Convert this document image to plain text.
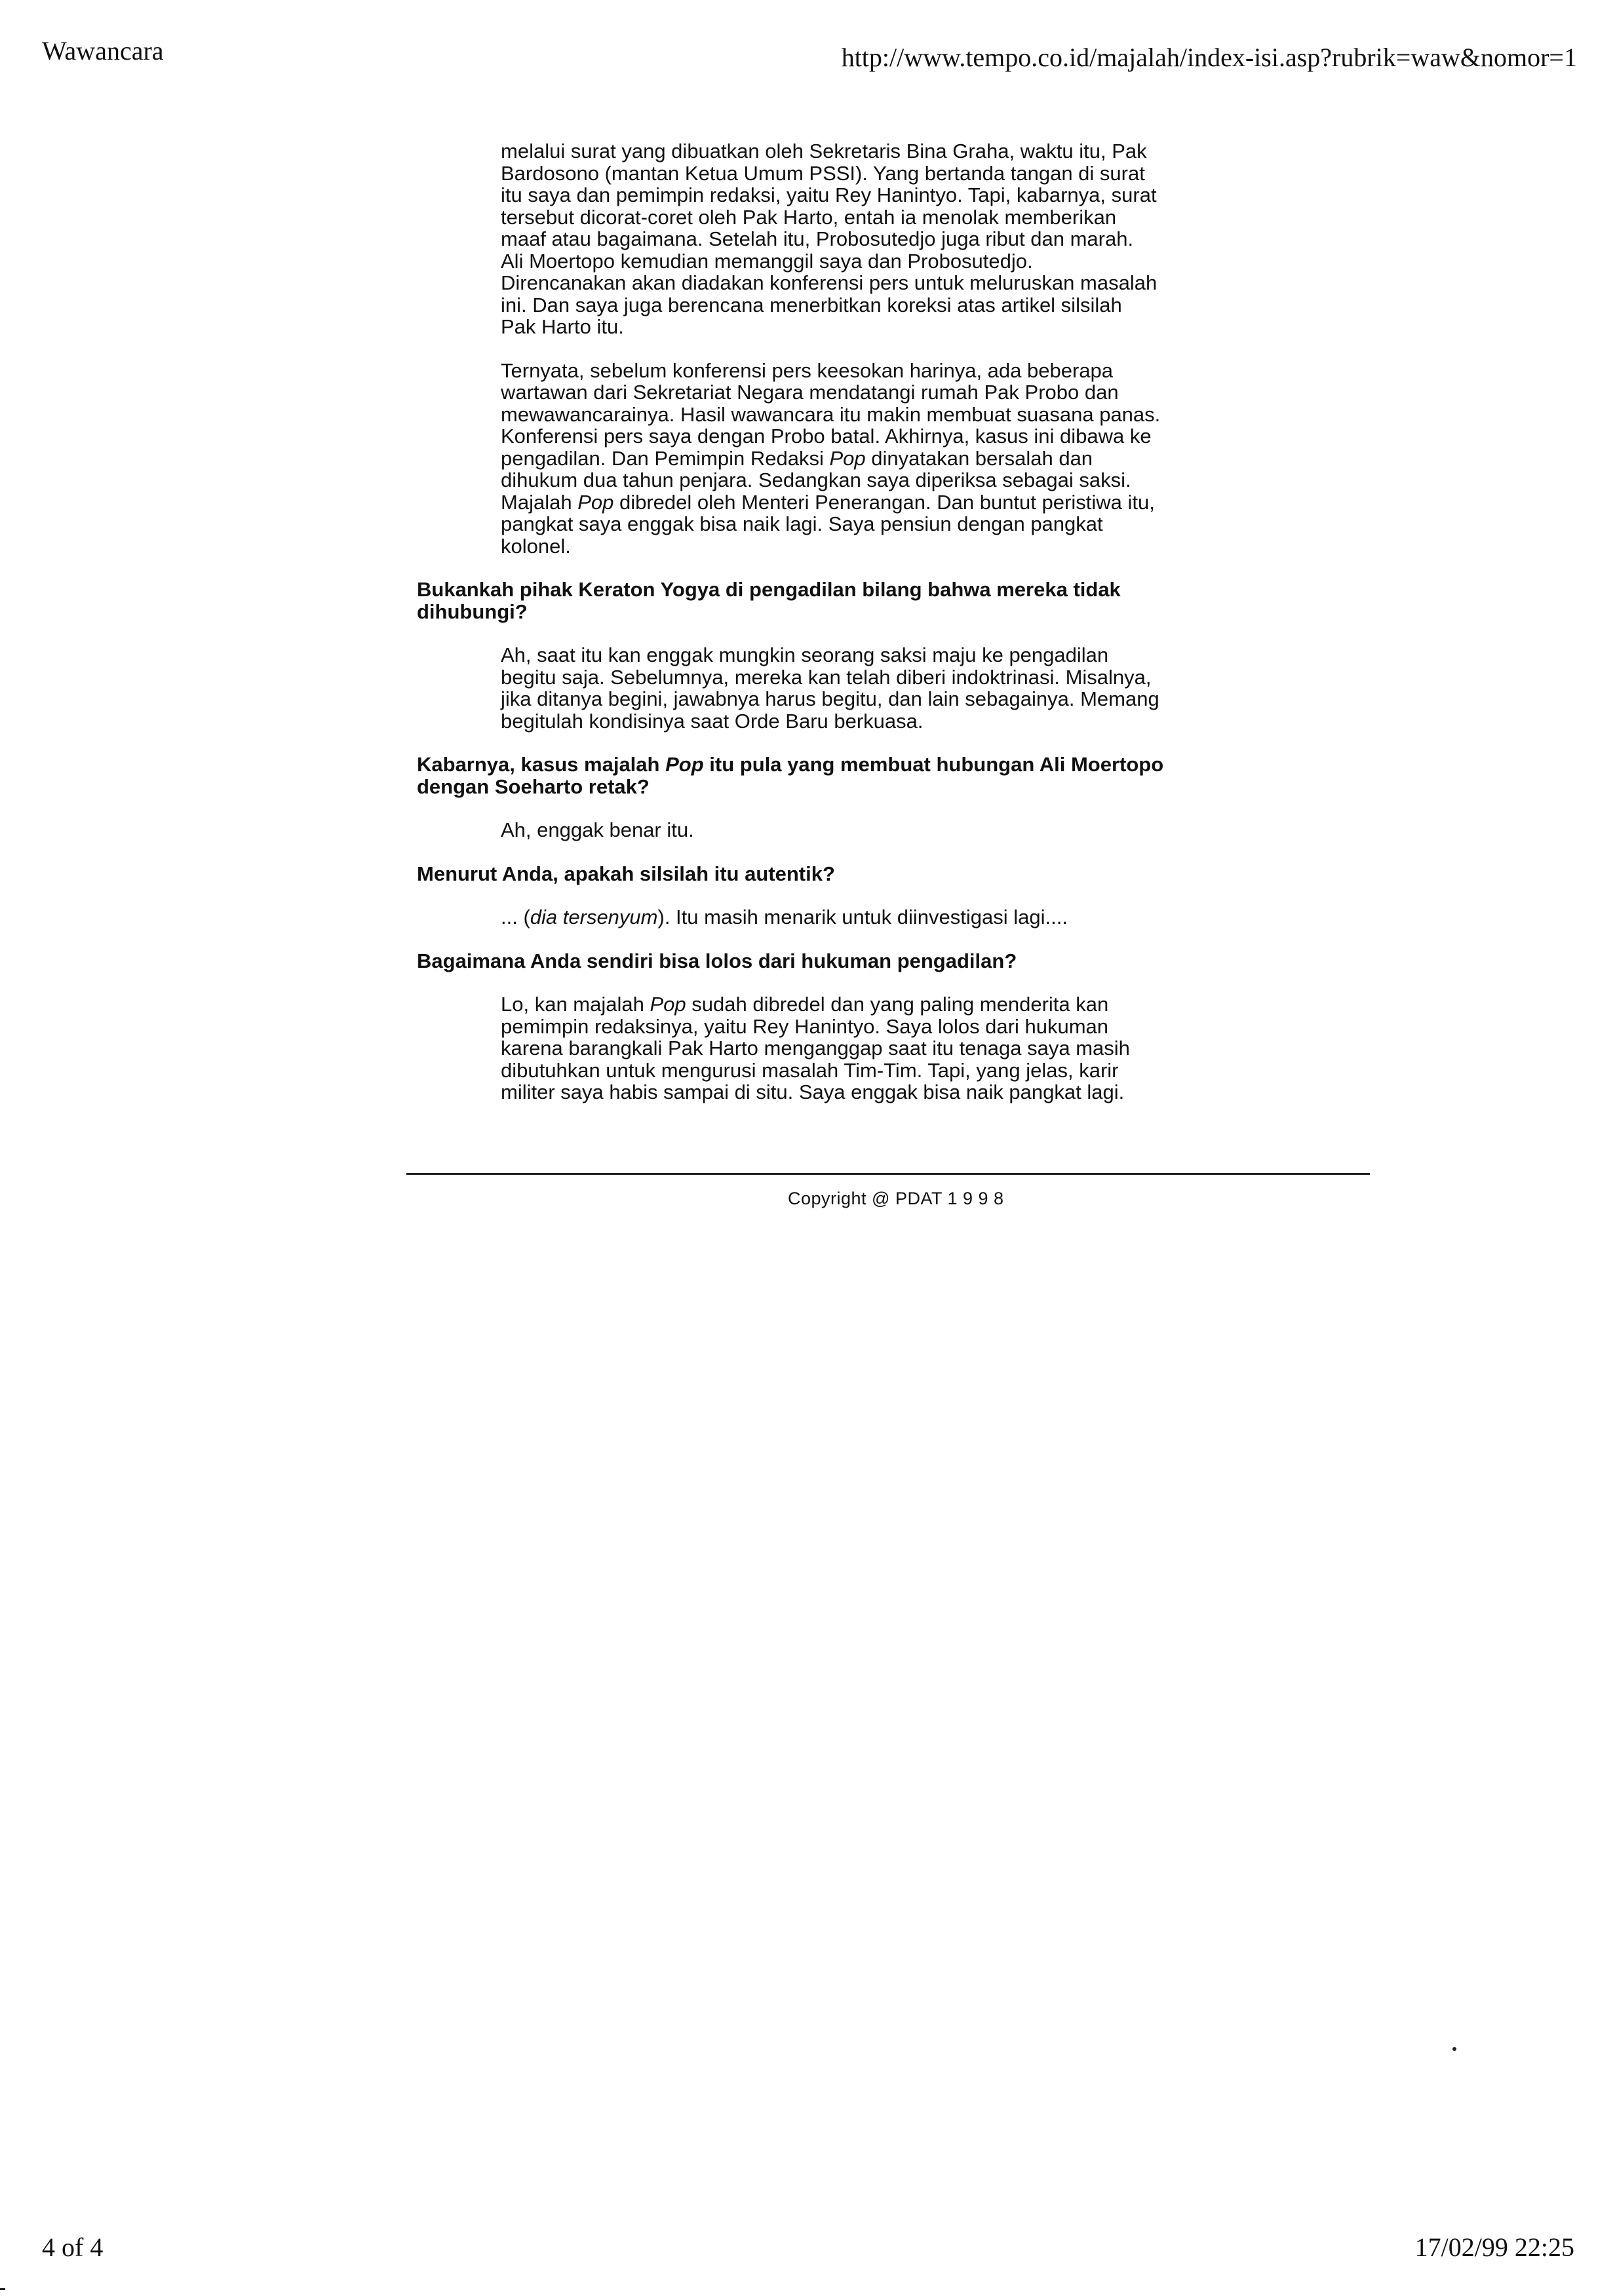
Wawancara	http://www.tempo.co.id/majalah/index-isi.asp?rubrik=waw&nomor=1
melalui surat yang dibuatkan oleh Sekretaris Bina Graha, waktu itu, Pak
Bardosono (mantan Ketua Umum PSSI). Yang bertanda tangan di surat
itu saya dan pemimpin redaksi, yaitu Rey Hanintyo. Tapi, kabarnya, surat
tersebut dicorat-coret oleh Pak Harto, entah ia menolak memberikan
maaf atau bagaimana. Setelah itu, Probosutedjo juga ribut dan marah.
Ali Moertopo kemudian memanggil saya dan Probosutedjo.
Direncanakan akan diadakan konferensi pers untuk meluruskan masalah
ini. Dan saya juga berencana menerbitkan koreksi atas artikel silsilah
Pak Harto itu.
Ternyata, sebelum konferensi pers keesokan harinya, ada beberapa
wartawan dari Sekretariat Negara mendatangi rumah Pak Probo dan
mewawancarainya. Hasil wawancara itu makin membuat suasana panas.
Konferensi pers saya dengan Probo batal. Akhirnya, kasus ini dibawa ke
pengadilan. Dan Pemimpin Redaksi Pop dinyatakan bersalah dan
dihukum dua tahun penjara. Sedangkan saya diperiksa sebagai saksi.
Majalah Pop dibredel oleh Menteri Penerangan. Dan buntut peristiwa itu,
pangkat saya enggak bisa naik lagi. Saya pensiun dengan pangkat
kolonel.
Bukankah pihak Keraton Yogya di pengadilan bilang bahwa mereka tidak
dihubungi?
Ah, saat itu kan enggak mungkin seorang saksi maju ke pengadilan
begitu saja. Sebelumnya, mereka kan telah diberi indoktrinasi. Misalnya,
jika ditanya begini, jawabnya harus begitu, dan lain sebagainya. Memang
begitulah kondisinya saat Orde Baru berkuasa.
Kabarnya, kasus majalah Pop itu pula yang membuat hubungan Ali Moertopo
dengan Soeharto retak?
Ah, enggak benar itu.
Menurut Anda, apakah silsilah itu autentik?
... (dia tersenyum). Itu masih menarik untuk diinvestigasi lagi....
Bagaimana Anda sendiri bisa lolos dari hukuman pengadilan?
Lo, kan majalah Pop sudah dibredel dan yang paling menderita kan
pemimpin redaksinya, yaitu Rey Hanintyo. Saya lolos dari hukuman
karena barangkali Pak Harto menganggap saat itu tenaga saya masih
dibutuhkan untuk mengurusi masalah Tim-Tim. Tapi, yang jelas, karir
militer saya habis sampai di situ. Saya enggak bisa naik pangkat lagi.
Copyright @ PDAT 1 9 9 8
4 of 4	17/02/99 22:25
